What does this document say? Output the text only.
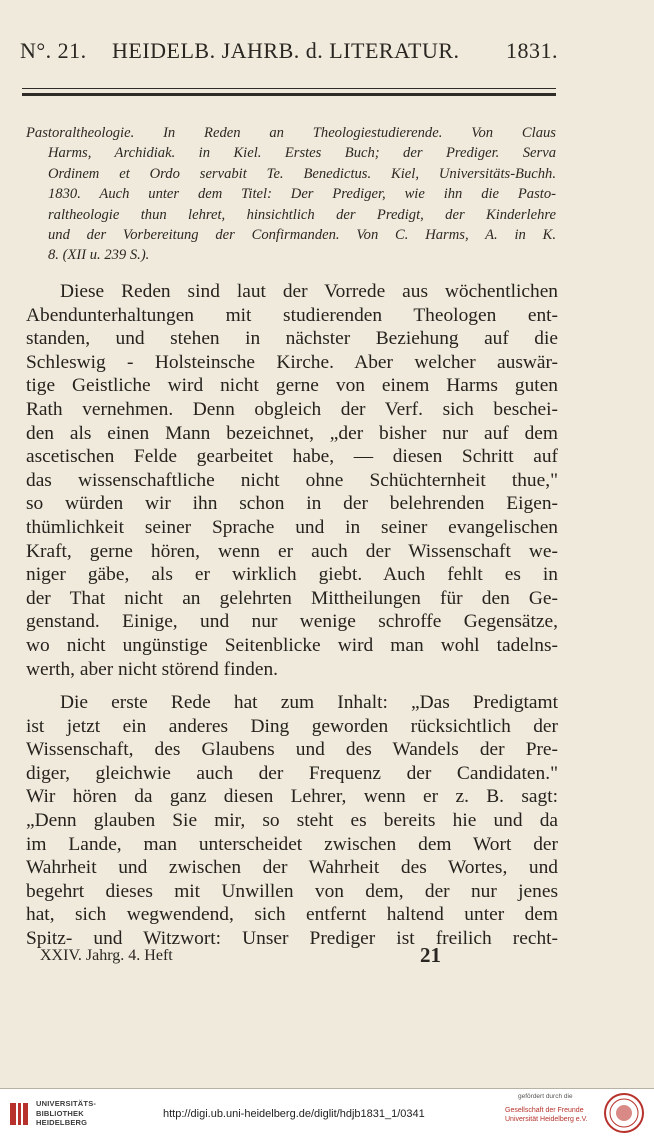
N°. 21. HEIDELB. JAHRB. d. LITERATUR. 1831.
Pastoraltheologie. In Reden an Theologiestudierende. Von Claus
Harms, Archidiak. in Kiel. Erstes Buch; der Prediger. Serva
Ordinem et Ordo servabit Te. Benedictus. Kiel, Universitäts-Buchh.
1830. Auch unter dem Titel: Der Prediger, wie ihn die Pasto-
raltheologie thun lehret, hinsichtlich der Predigt, der Kinderlehre
und der Vorbereitung der Confirmanden. Von C. Harms, A. in K.
8. (XII u. 239 S.).
Diese Reden sind laut der Vorrede aus wöchentlichen
Abendunterhaltungen mit studierenden Theologen ent-
standen, und stehen in nächster Beziehung auf die
Schleswig - Holsteinsche Kirche. Aber welcher auswär-
tige Geistliche wird nicht gerne von einem Harms guten
Rath vernehmen. Denn obgleich der Verf. sich beschei-
den als einen Mann bezeichnet, „der bisher nur auf dem
ascetischen Felde gearbeitet habe, — diesen Schritt auf
das wissenschaftliche nicht ohne Schüchternheit thue,"
so würden wir ihn schon in der belehrenden Eigen-
thümlichkeit seiner Sprache und in seiner evangelischen
Kraft, gerne hören, wenn er auch der Wissenschaft we-
niger gäbe, als er wirklich giebt. Auch fehlt es in
der That nicht an gelehrten Mittheilungen für den Ge-
genstand. Einige, und nur wenige schroffe Gegensätze,
wo nicht ungünstige Seitenblicke wird man wohl tadelns-
werth, aber nicht störend finden.
Die erste Rede hat zum Inhalt: „Das Predigtamt
ist jetzt ein anderes Ding geworden rücksichtlich der
Wissenschaft, des Glaubens und des Wandels der Pre-
diger, gleichwie auch der Frequenz der Candidaten."
Wir hören da ganz diesen Lehrer, wenn er z. B. sagt:
„Denn glauben Sie mir, so steht es bereits hie und da
im Lande, man unterscheidet zwischen dem Wort der
Wahrheit und zwischen der Wahrheit des Wortes, und
begehrt dieses mit Unwillen von dem, der nur jenes
hat, sich wegwendend, sich entfernt haltend unter dem
Spitz- und Witzwort: Unser Prediger ist freilich recht-
XXIV. Jahrg. 4. Heft	21
UNIVERSITÄTS-
BIBLIOTHEK
HEIDELBERG
http://digi.ub.uni-heidelberg.de/diglit/hdjb1831_1/0341
gefördert durch die
Gesellschaft der Freunde
Universität Heidelberg e.V.
